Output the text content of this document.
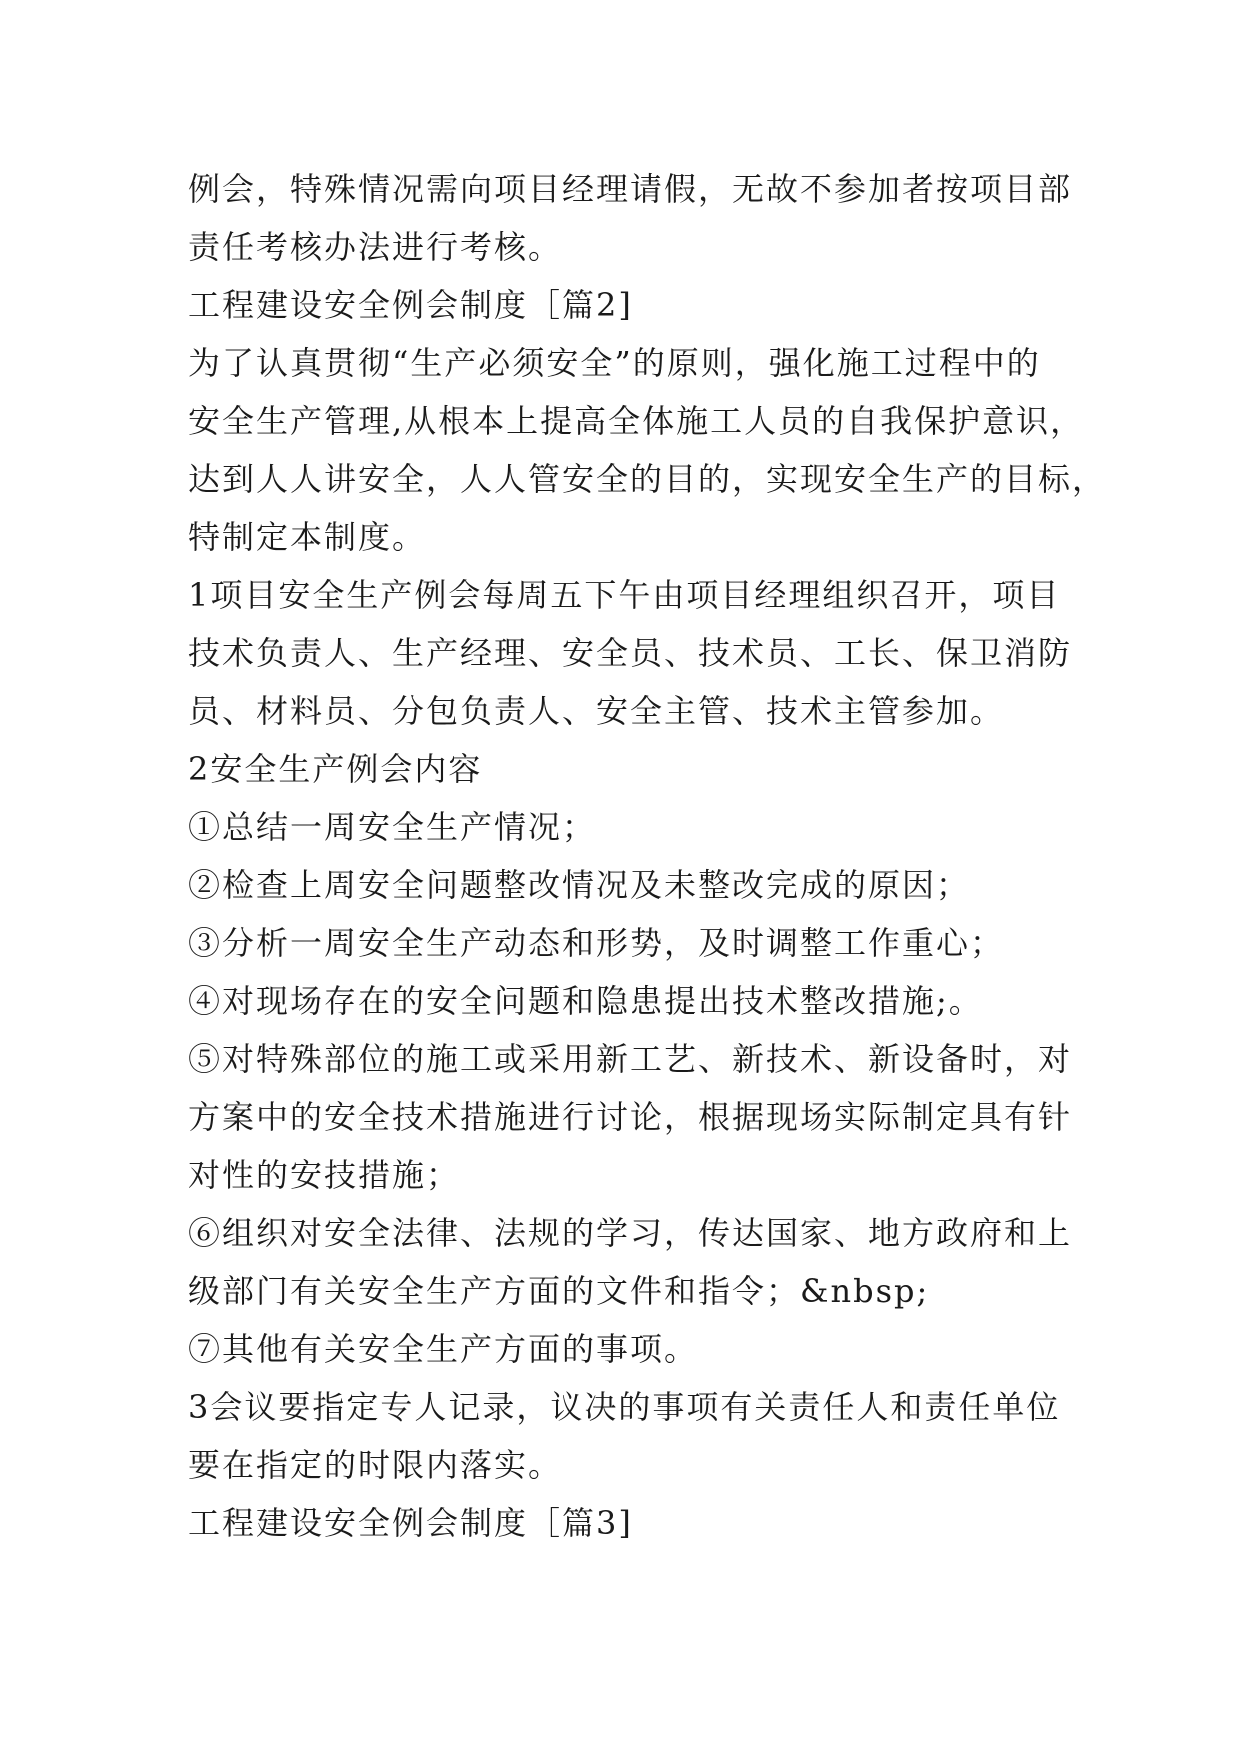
例会，特殊情况需向项目经理请假，无故不参加者按项目部
责任考核办法进行考核。
工程建设安全例会制度［篇2]
为了认真贯彻“生产必须安全”的原则，强化施工过程中的
安全生产管理,从根本上提高全体施工人员的自我保护意识，
达到人人讲安全，人人管安全的目的，实现安全生产的目标，
特制定本制度。
1项目安全生产例会每周五下午由项目经理组织召开，项目
技术负责人、生产经理、安全员、技术员、工长、保卫消防
员、材料员、分包负责人、安全主管、技术主管参加。
2安全生产例会内容
①总结一周安全生产情况；
②检查上周安全问题整改情况及未整改完成的原因；
③分析一周安全生产动态和形势，及时调整工作重心；
④对现场存在的安全问题和隐患提出技术整改措施;。
⑤对特殊部位的施工或采用新工艺、新技术、新设备时，对
方案中的安全技术措施进行讨论，根据现场实际制定具有针
对性的安技措施；
⑥组织对安全法律、法规的学习，传达国家、地方政府和上
级部门有关安全生产方面的文件和指令；&nbsp;
⑦其他有关安全生产方面的事项。
3会议要指定专人记录，议决的事项有关责任人和责任单位
要在指定的时限内落实。
工程建设安全例会制度［篇3]
